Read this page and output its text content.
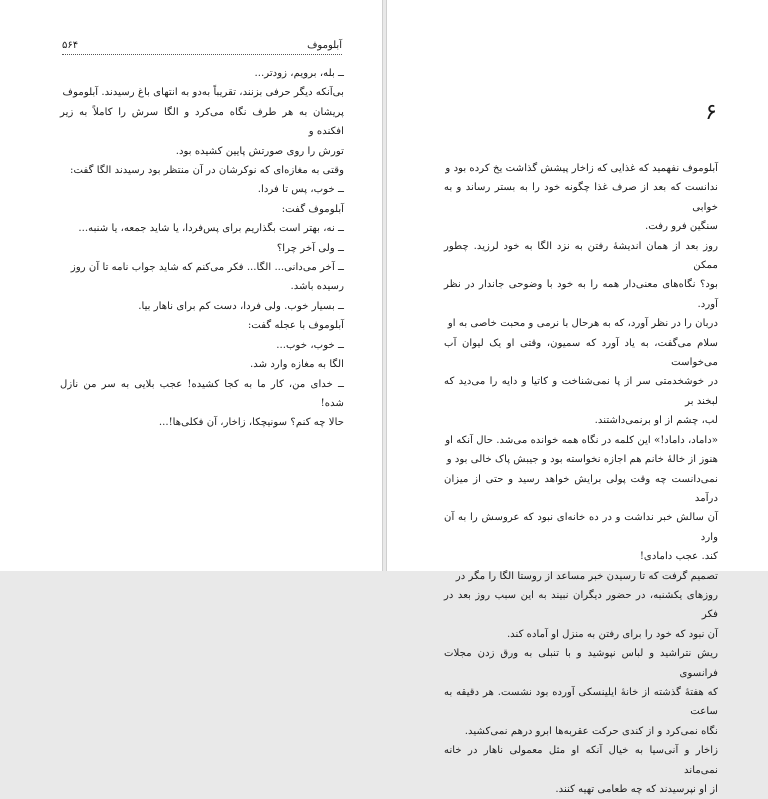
آبلوموف
۵۶۴

ــ بله، برویم، زودتر...

بی‌آنکه دیگر حرفی بزنند، تقریباً به‌دو به انتهای باغ رسیدند. آبلوموف

پریشان به هر طرف نگاه می‌کرد و الگا سرش را کاملاً به زیر افکنده و

تورش را روی صورتش پایین کشیده بود.

وقتی به مغازه‌ای که نوکرشان در آن منتظر بود رسیدند الگا گفت:

ــ خوب، پس تا فردا.

آبلوموف گفت:

ــ نه، بهتر است بگذاریم برای پس‌فردا، یا شاید جمعه، یا شنبه...

ــ ولی آخر چرا؟

ــ آخر می‌دانی... الگا... فکر می‌کنم که شاید جواب نامه تا آن روز

رسیده باشد.

ــ بسیار خوب. ولی فردا، دست کم برای ناهار بیا.

آبلوموف با عجله گفت:

ــ خوب، خوب...

الگا به مغازه وارد شد.

ــ خدای من، کار ما به کجا کشیده! عجب بلایی به سر من نازل شده!

حالا چه کنم؟ سونیچکا، زاخار، آن فکلی‌ها!...

۶

آبلوموف نفهمید که غذایی که زاخار پیشش گذاشت یخ کرده بود و

ندانست که بعد از صرف غذا چگونه خود را به بستر رساند و به خوابی

سنگین فرو رفت.

روز بعد از همان اندیشهٔ رفتن به نزد الگا به خود لرزید. چطور ممکن

بود؟ نگاه‌های معنی‌دار همه را به خود با وضوحی جاندار در نظر آورد.

دربان را در نظر آورد، که به هرحال با نرمی و محبت خاصی به او

سلام می‌گفت، به یاد آورد که سمیون، وقتی او یک لیوان آب می‌خواست

در خوشخدمتی سر از پا نمی‌شناخت و کاتیا و دایه را می‌دید که لبخند بر

لب، چشم از او برنمی‌داشتند.

«داماد، داماد!» این کلمه در نگاه همه خوانده می‌شد. حال آنکه او

هنوز از خالهٔ خانم هم اجازه نخواسته بود و جیبش پاک خالی بود و

نمی‌دانست چه وقت پولی برایش خواهد رسید و حتی از میزان درآمد

آن سالش خبر نداشت و در ده خانه‌ای نبود که عروسش را به آن وارد

کند. عجب دامادی!

تصمیم گرفت که تا رسیدن خبر مساعد از روستا الگا را مگر در

روزهای یکشنبه، در حضور دیگران نبیند به این سبب روز بعد در فکر

آن نبود که خود را برای رفتن به منزل او آماده کند.

ریش نتراشید و لباس نپوشید و با تنبلی به ورق زدن مجلات فرانسوی

که هفتهٔ گذشته از خانهٔ ایلینسکی آورده بود نشست. هر دقیقه به ساعت

نگاه نمی‌کرد و از کندی حرکت عقربه‌ها ابرو درهم نمی‌کشید.

زاخار و آنی‌سیا به خیال آنکه او مثل معمولی ناهار در خانه نمی‌ماند

از او نپرسیدند که چه طعامی تهیه کنند.
